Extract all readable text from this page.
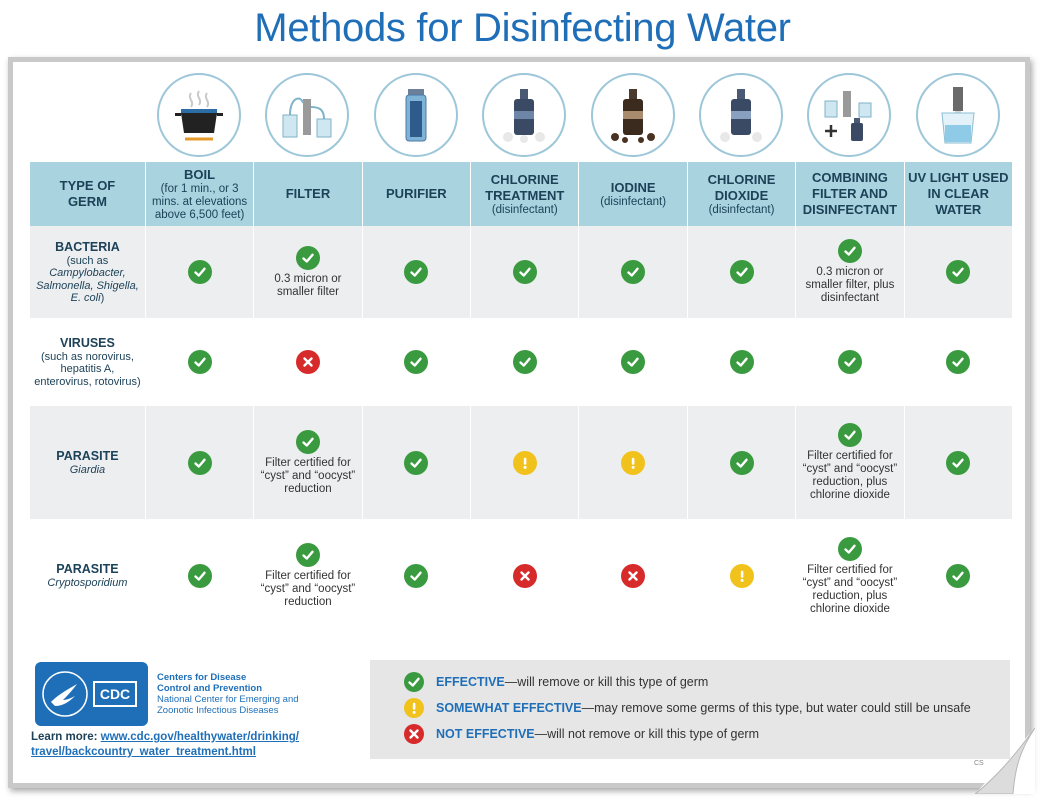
Methods for Disinfecting Water
TYPE OF GERM
BOIL
(for 1 min., or 3 mins. at elevations above 6,500 feet)
FILTER	PURIFIER
CHLORINE TREATMENT
(disinfectant)
IODINE
(disinfectant)
CHLORINE DIOXIDE
(disinfectant)
COMBINING FILTER AND DISINFECTANT
UV LIGHT USED IN CLEAR WATER
BACTERIA
(such as Campylobacter, Salmonella, Shigella, E. coli)
0.3 micron or smaller filter
0.3 micron or smaller filter, plus disinfectant
VIRUSES
(such as norovirus, hepatitis A, enterovirus, rotovirus)
PARASITE
Giardia
Filter certified for “cyst” and “oocyst” reduction
Filter certified for “cyst” and “oocyst” reduction, plus chlorine dioxide
PARASITE
Cryptosporidium
Filter certified for “cyst” and “oocyst” reduction
Filter certified for “cyst” and “oocyst” reduction, plus chlorine dioxide
CDC
Centers for Disease
Control and Prevention
National Center for Emerging and
Zoonotic Infectious Diseases
Learn more: www.cdc.gov/healthywater/drinking/
travel/backcountry_water_treatment.html
EFFECTIVE —will remove or kill this type of germ
SOMEWHAT EFFECTIVE —may remove some germs of this type, but water could still be unsafe
NOT EFFECTIVE —will not remove or kill this type of germ
CS
